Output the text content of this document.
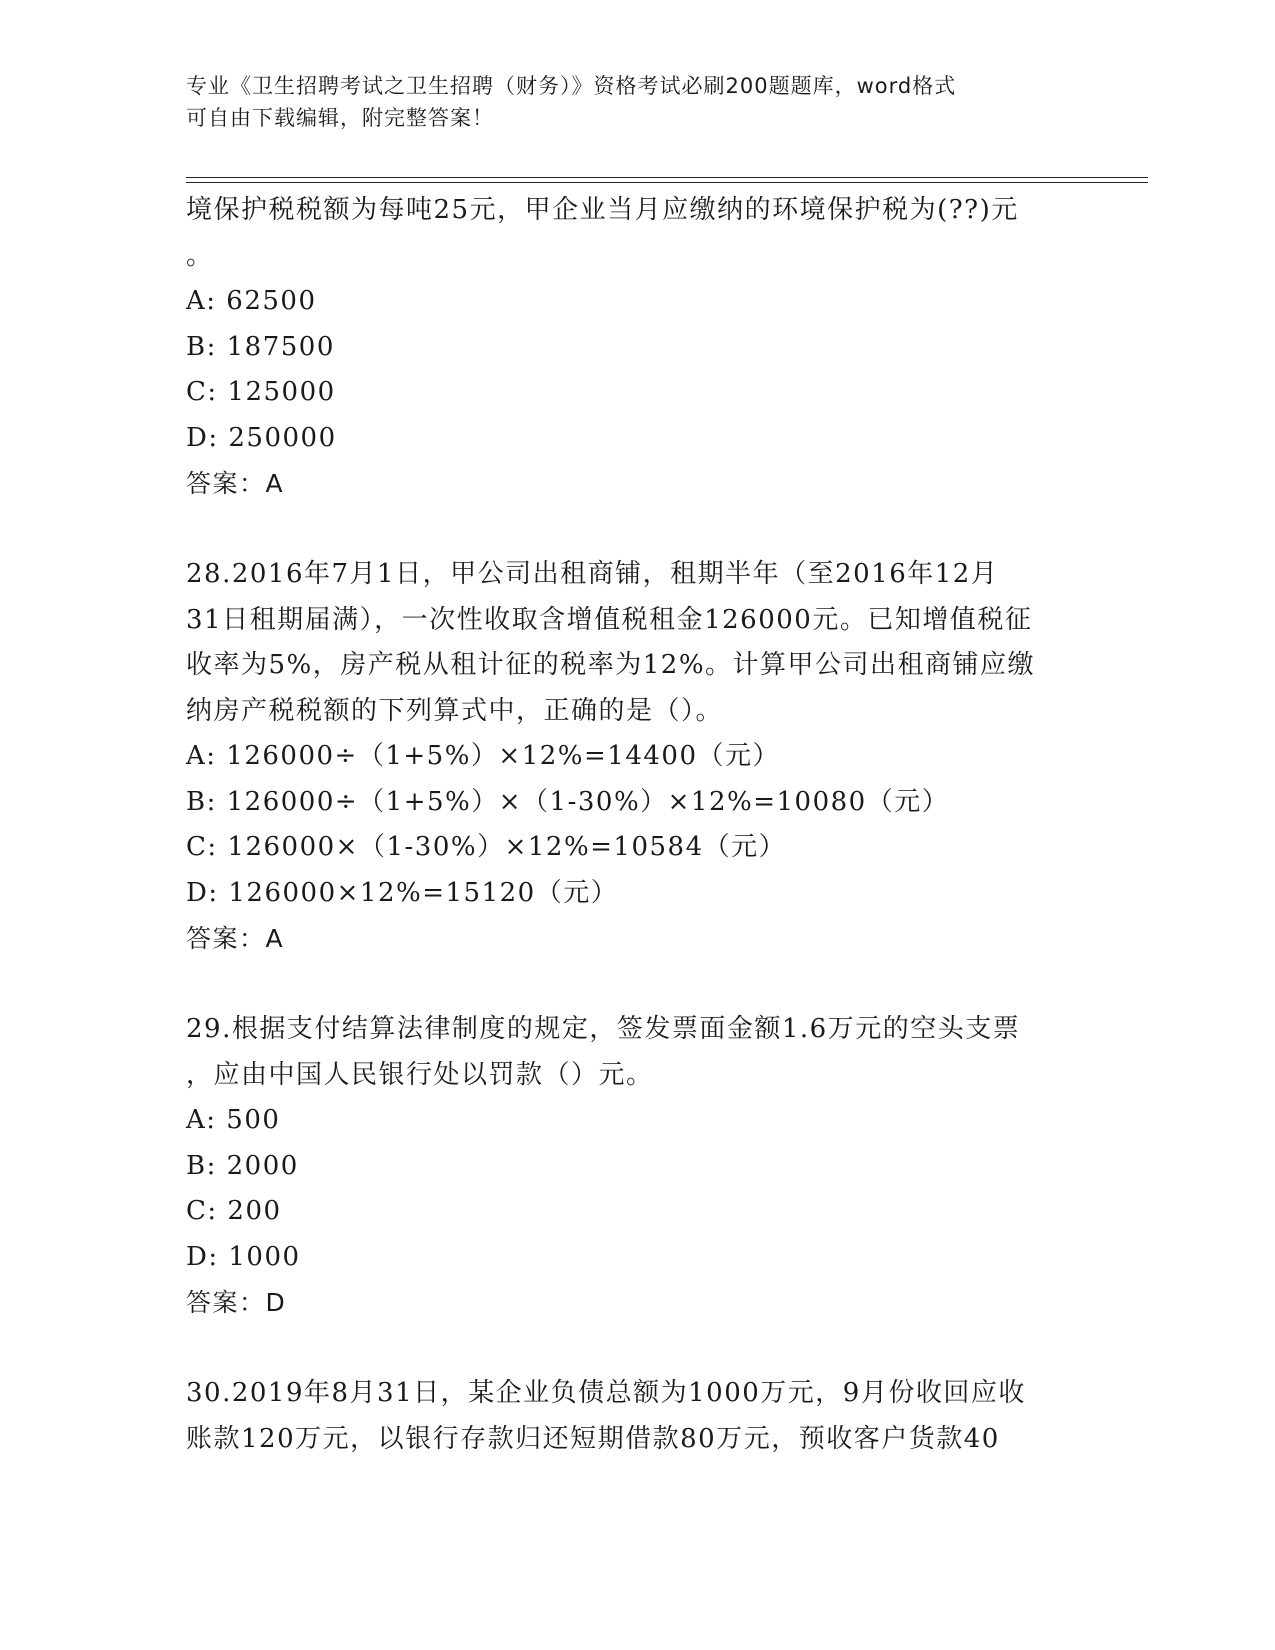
专业《卫生招聘考试之卫生招聘（财务）》资格考试必刷200题题库，word格式
可自由下载编辑，附完整答案！
境保护税税额为每吨25元，甲企业当月应缴纳的环境保护税为(??)元
。
A: 62500
B: 187500
C: 125000
D: 250000
答案：A
28.2016年7月1日，甲公司出租商铺，租期半年（至2016年12月
31日租期届满），一次性收取含增值税租金126000元。已知增值税征
收率为5%，房产税从租计征的税率为12%。计算甲公司出租商铺应缴
纳房产税税额的下列算式中，正确的是（）。
A: 126000÷（1+5%）×12%=14400（元）
B: 126000÷（1+5%）×（1-30%）×12%=10080（元）
C: 126000×（1-30%）×12%=10584（元）
D: 126000×12%=15120（元）
答案：A
29.根据支付结算法律制度的规定，签发票面金额1.6万元的空头支票
，应由中国人民银行处以罚款（）元。
A: 500
B: 2000
C: 200
D: 1000
答案：D
30.2019年8月31日，某企业负债总额为1000万元，9月份收回应收
账款120万元，以银行存款归还短期借款80万元，预收客户货款40
